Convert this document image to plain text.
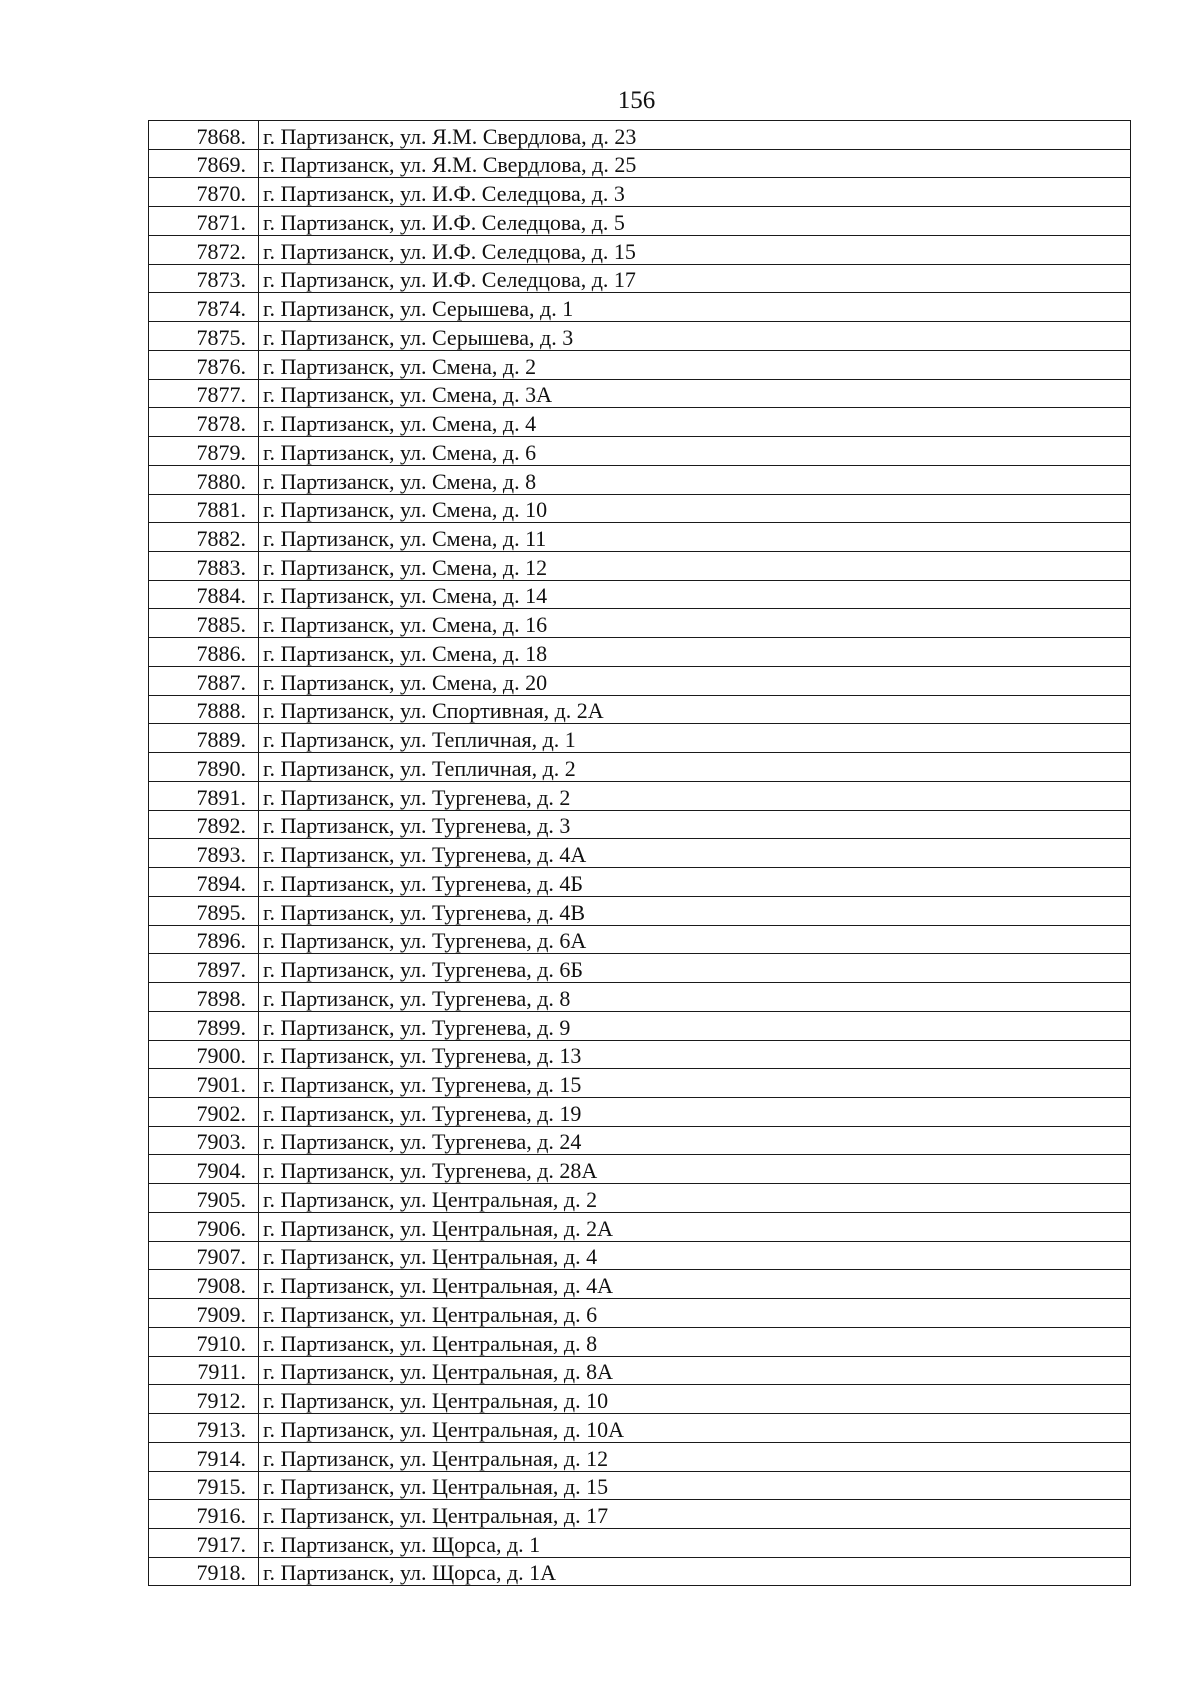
156
7868.	г. Партизанск, ул. Я.М. Свердлова, д. 23
7869.	г. Партизанск, ул. Я.М. Свердлова, д. 25
7870.	г. Партизанск, ул. И.Ф. Селедцова, д. 3
7871.	г. Партизанск, ул. И.Ф. Селедцова, д. 5
7872.	г. Партизанск, ул. И.Ф. Селедцова, д. 15
7873.	г. Партизанск, ул. И.Ф. Селедцова, д. 17
7874.	г. Партизанск, ул. Серышева, д. 1
7875.	г. Партизанск, ул. Серышева, д. 3
7876.	г. Партизанск, ул. Смена, д. 2
7877.	г. Партизанск, ул. Смена, д. 3А
7878.	г. Партизанск, ул. Смена, д. 4
7879.	г. Партизанск, ул. Смена, д. 6
7880.	г. Партизанск, ул. Смена, д. 8
7881.	г. Партизанск, ул. Смена, д. 10
7882.	г. Партизанск, ул. Смена, д. 11
7883.	г. Партизанск, ул. Смена, д. 12
7884.	г. Партизанск, ул. Смена, д. 14
7885.	г. Партизанск, ул. Смена, д. 16
7886.	г. Партизанск, ул. Смена, д. 18
7887.	г. Партизанск, ул. Смена, д. 20
7888.	г. Партизанск, ул. Спортивная, д. 2А
7889.	г. Партизанск, ул. Тепличная, д. 1
7890.	г. Партизанск, ул. Тепличная, д. 2
7891.	г. Партизанск, ул. Тургенева, д. 2
7892.	г. Партизанск, ул. Тургенева, д. 3
7893.	г. Партизанск, ул. Тургенева, д. 4А
7894.	г. Партизанск, ул. Тургенева, д. 4Б
7895.	г. Партизанск, ул. Тургенева, д. 4В
7896.	г. Партизанск, ул. Тургенева, д. 6А
7897.	г. Партизанск, ул. Тургенева, д. 6Б
7898.	г. Партизанск, ул. Тургенева, д. 8
7899.	г. Партизанск, ул. Тургенева, д. 9
7900.	г. Партизанск, ул. Тургенева, д. 13
7901.	г. Партизанск, ул. Тургенева, д. 15
7902.	г. Партизанск, ул. Тургенева, д. 19
7903.	г. Партизанск, ул. Тургенева, д. 24
7904.	г. Партизанск, ул. Тургенева, д. 28А
7905.	г. Партизанск, ул. Центральная, д. 2
7906.	г. Партизанск, ул. Центральная, д. 2А
7907.	г. Партизанск, ул. Центральная, д. 4
7908.	г. Партизанск, ул. Центральная, д. 4А
7909.	г. Партизанск, ул. Центральная, д. 6
7910.	г. Партизанск, ул. Центральная, д. 8
7911.	г. Партизанск, ул. Центральная, д. 8А
7912.	г. Партизанск, ул. Центральная, д. 10
7913.	г. Партизанск, ул. Центральная, д. 10А
7914.	г. Партизанск, ул. Центральная, д. 12
7915.	г. Партизанск, ул. Центральная, д. 15
7916.	г. Партизанск, ул. Центральная, д. 17
7917.	г. Партизанск, ул. Щорса, д. 1
7918.	г. Партизанск, ул. Щорса, д. 1А
